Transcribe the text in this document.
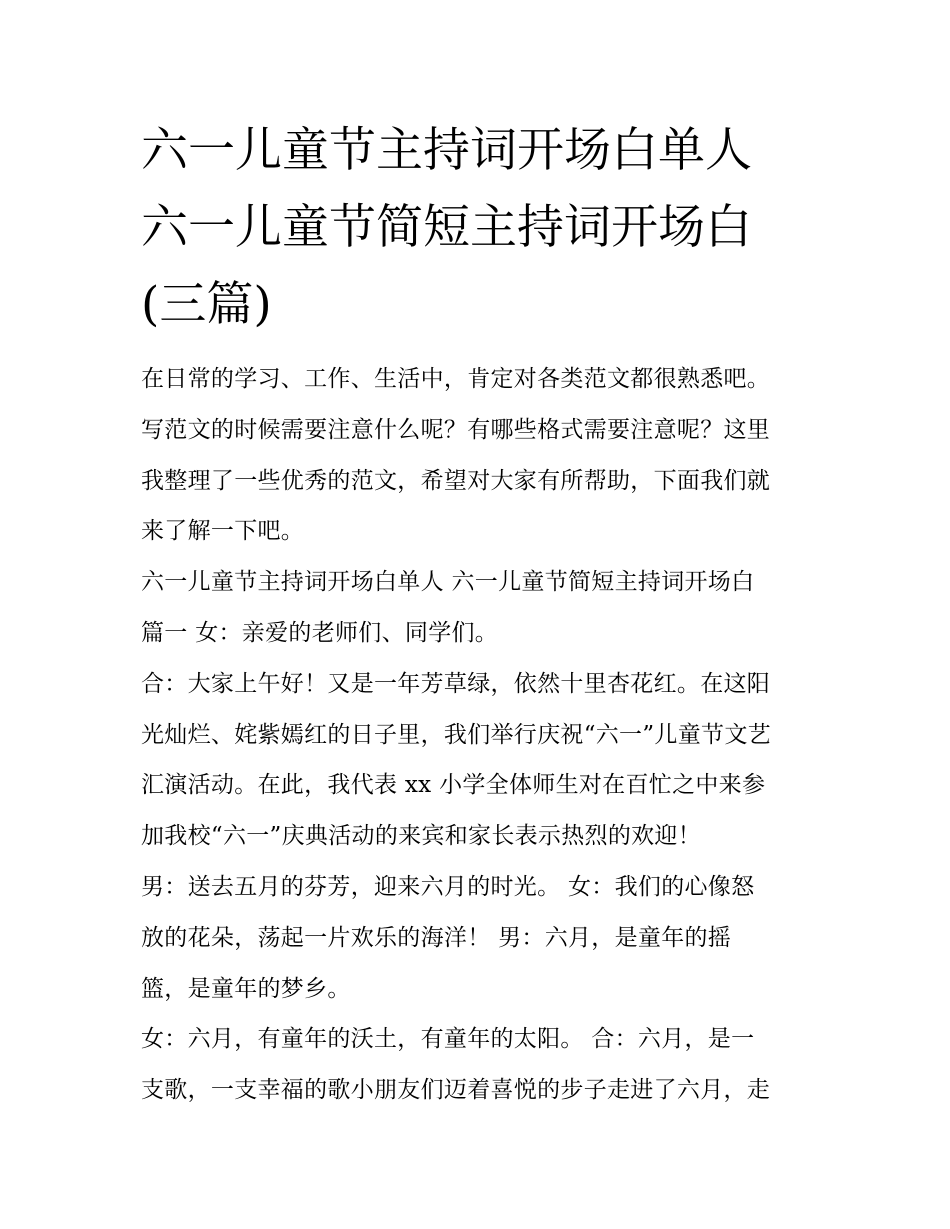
六一儿童节主持词开场白单人
六一儿童节简短主持词开场白
(三篇)
在日常的学习、工作、生活中，肯定对各类范文都很熟悉吧。
写范文的时候需要注意什么呢？有哪些格式需要注意呢？这里
我整理了一些优秀的范文，希望对大家有所帮助，下面我们就
来了解一下吧。
六一儿童节主持词开场白单人 六一儿童节简短主持词开场白
篇一 女：亲爱的老师们、同学们。
合：大家上午好！又是一年芳草绿，依然十里杏花红。在这阳
光灿烂、姹紫嫣红的日子里，我们举行庆祝“六一”儿童节文艺
汇演活动。在此，我代表 xx 小学全体师生对在百忙之中来参
加我校“六一”庆典活动的来宾和家长表示热烈的欢迎！
男：送去五月的芬芳，迎来六月的时光。 女：我们的心像怒
放的花朵，荡起一片欢乐的海洋！ 男：六月，是童年的摇
篮，是童年的梦乡。
女：六月，有童年的沃土，有童年的太阳。 合：六月，是一
支歌，一支幸福的歌小朋友们迈着喜悦的步子走进了六月，走
